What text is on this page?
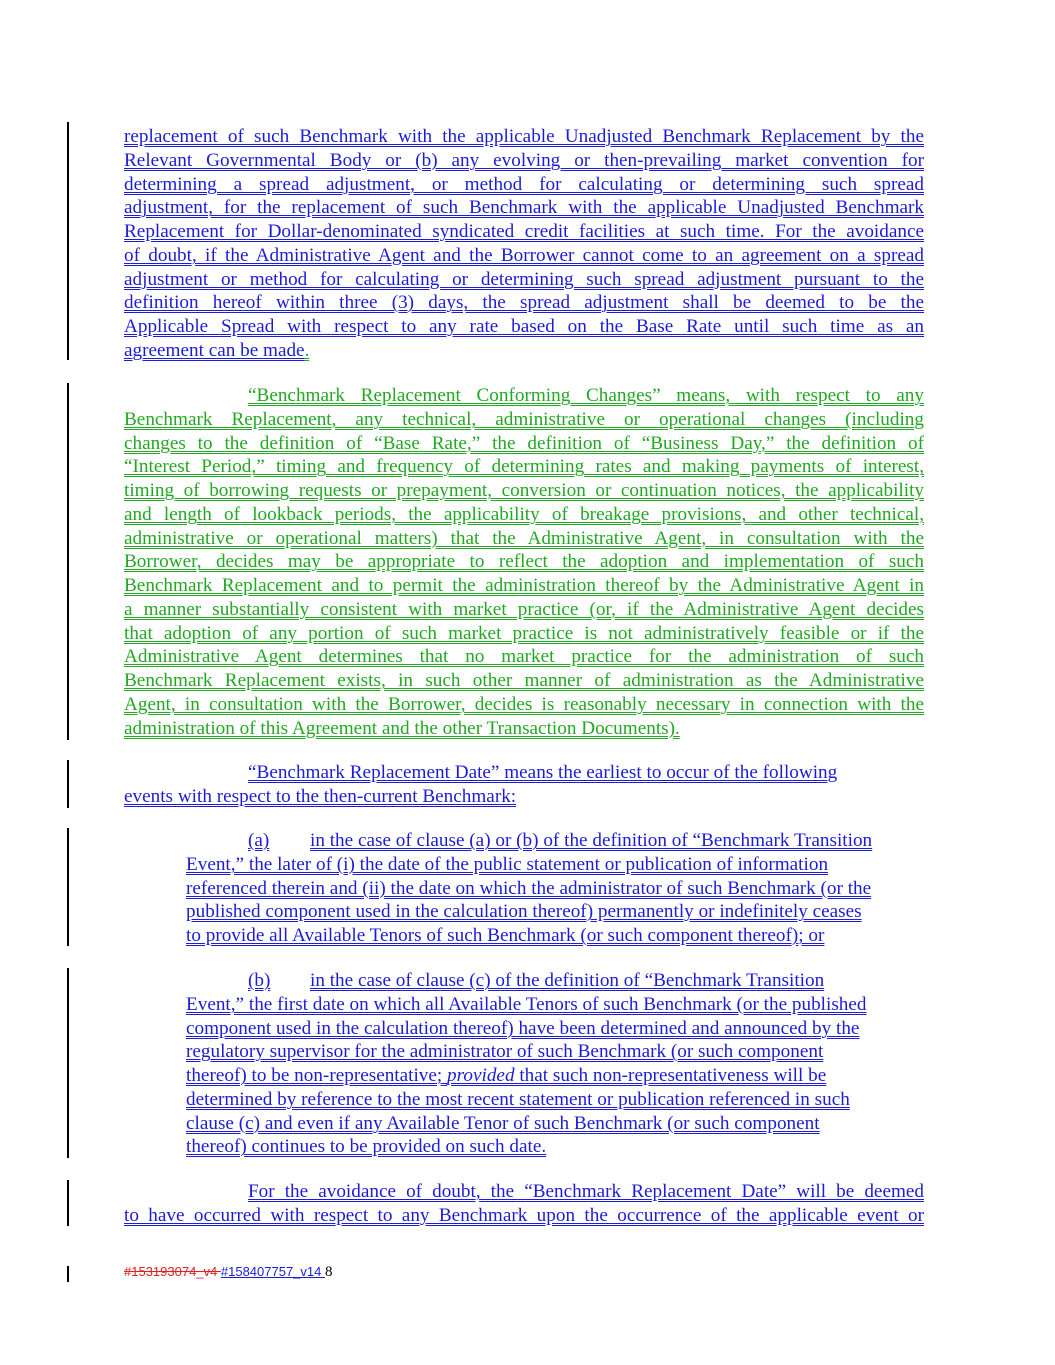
replacement of such Benchmark with the applicable Unadjusted Benchmark Replacement by the
Relevant Governmental Body or (b) any evolving or then-prevailing market convention for
determining a spread adjustment, or method for calculating or determining such spread
adjustment, for the replacement of such Benchmark with the applicable Unadjusted Benchmark
Replacement for Dollar-denominated syndicated credit facilities at such time. For the avoidance
of doubt, if the Administrative Agent and the Borrower cannot come to an agreement on a spread
adjustment or method for calculating or determining such spread adjustment pursuant to the
definition hereof within three (3) days, the spread adjustment shall be deemed to be the
Applicable Spread with respect to any rate based on the Base Rate until such time as an
agreement can be made.
“Benchmark Replacement Conforming Changes” means, with respect to any
Benchmark Replacement, any technical, administrative or operational changes (including
changes to the definition of “Base Rate,” the definition of “Business Day,” the definition of
“Interest Period,” timing and frequency of determining rates and making payments of interest,
timing of borrowing requests or prepayment, conversion or continuation notices, the applicability
and length of lookback periods, the applicability of breakage provisions, and other technical,
administrative or operational matters) that the Administrative Agent, in consultation with the
Borrower, decides may be appropriate to reflect the adoption and implementation of such
Benchmark Replacement and to permit the administration thereof by the Administrative Agent in
a manner substantially consistent with market practice (or, if the Administrative Agent decides
that adoption of any portion of such market practice is not administratively feasible or if the
Administrative Agent determines that no market practice for the administration of such
Benchmark Replacement exists, in such other manner of administration as the Administrative
Agent, in consultation with the Borrower, decides is reasonably necessary in connection with the
administration of this Agreement and the other Transaction Documents).
“Benchmark Replacement Date” means the earliest to occur of the following
events with respect to the then-current Benchmark:
(a) in the case of clause (a) or (b) of the definition of “Benchmark Transition
Event,” the later of (i) the date of the public statement or publication of information
referenced therein and (ii) the date on which the administrator of such Benchmark (or the
published component used in the calculation thereof) permanently or indefinitely ceases
to provide all Available Tenors of such Benchmark (or such component thereof); or
(b) in the case of clause (c) of the definition of “Benchmark Transition
Event,” the first date on which all Available Tenors of such Benchmark (or the published
component used in the calculation thereof) have been determined and announced by the
regulatory supervisor for the administrator of such Benchmark (or such component
thereof) to be non-representative; provided that such non-representativeness will be
determined by reference to the most recent statement or publication referenced in such
clause (c) and even if any Available Tenor of such Benchmark (or such component
thereof) continues to be provided on such date.
For the avoidance of doubt, the “Benchmark Replacement Date” will be deemed
to have occurred with respect to any Benchmark upon the occurrence of the applicable event or
#153193074_v4 #158407757_v14 8
